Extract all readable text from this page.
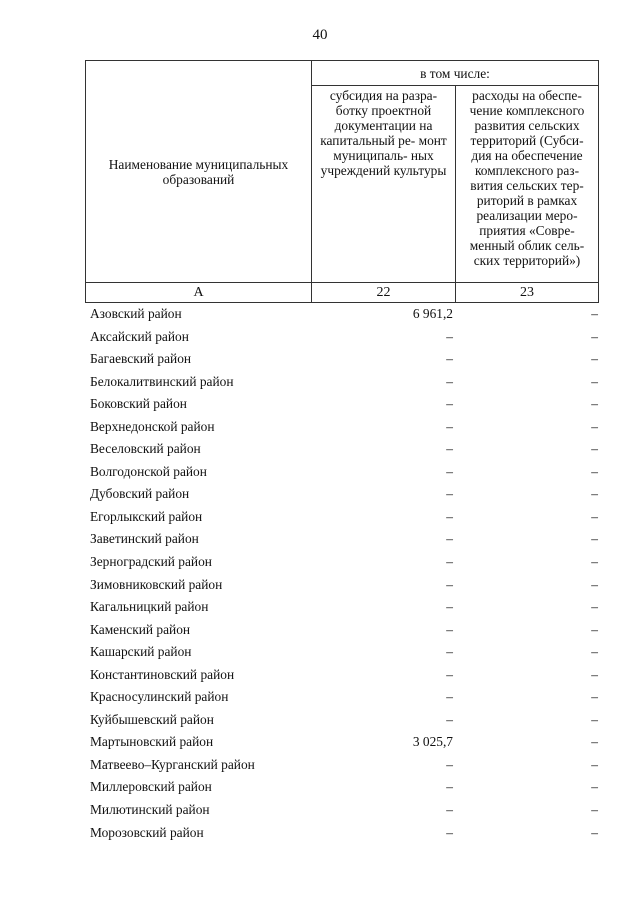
40
Наименование муниципальных образований	в том числе:	
	субсидия на разра- ботку проектной документации на капитальный ре- монт муниципаль- ных учреждений культуры	расходы на обеспе- чение комплексного развития сельских территорий (Субси- дия на обеспечение комплексного раз- вития сельских тер- риторий в рамках реализации меро- приятия «Совре- менный облик сель- ских территорий»)
А	22	23
Азовский район	6 961,2	–
Аксайский район	–	–
Багаевский район	–	–
Белокалитвинский район	–	–
Боковский район	–	–
Верхнедонской район	–	–
Веселовский район	–	–
Волгодонской район	–	–
Дубовский район	–	–
Егорлыкский район	–	–
Заветинский район	–	–
Зерноградский район	–	–
Зимовниковский район	–	–
Кагальницкий район	–	–
Каменский район	–	–
Кашарский район	–	–
Константиновский район	–	–
Красносулинский район	–	–
Куйбышевский район	–	–
Мартыновский район	3 025,7	–
Матвеево–Курганский район	–	–
Миллеровский район	–	–
Милютинский район	–	–
Морозовский район	–	–
